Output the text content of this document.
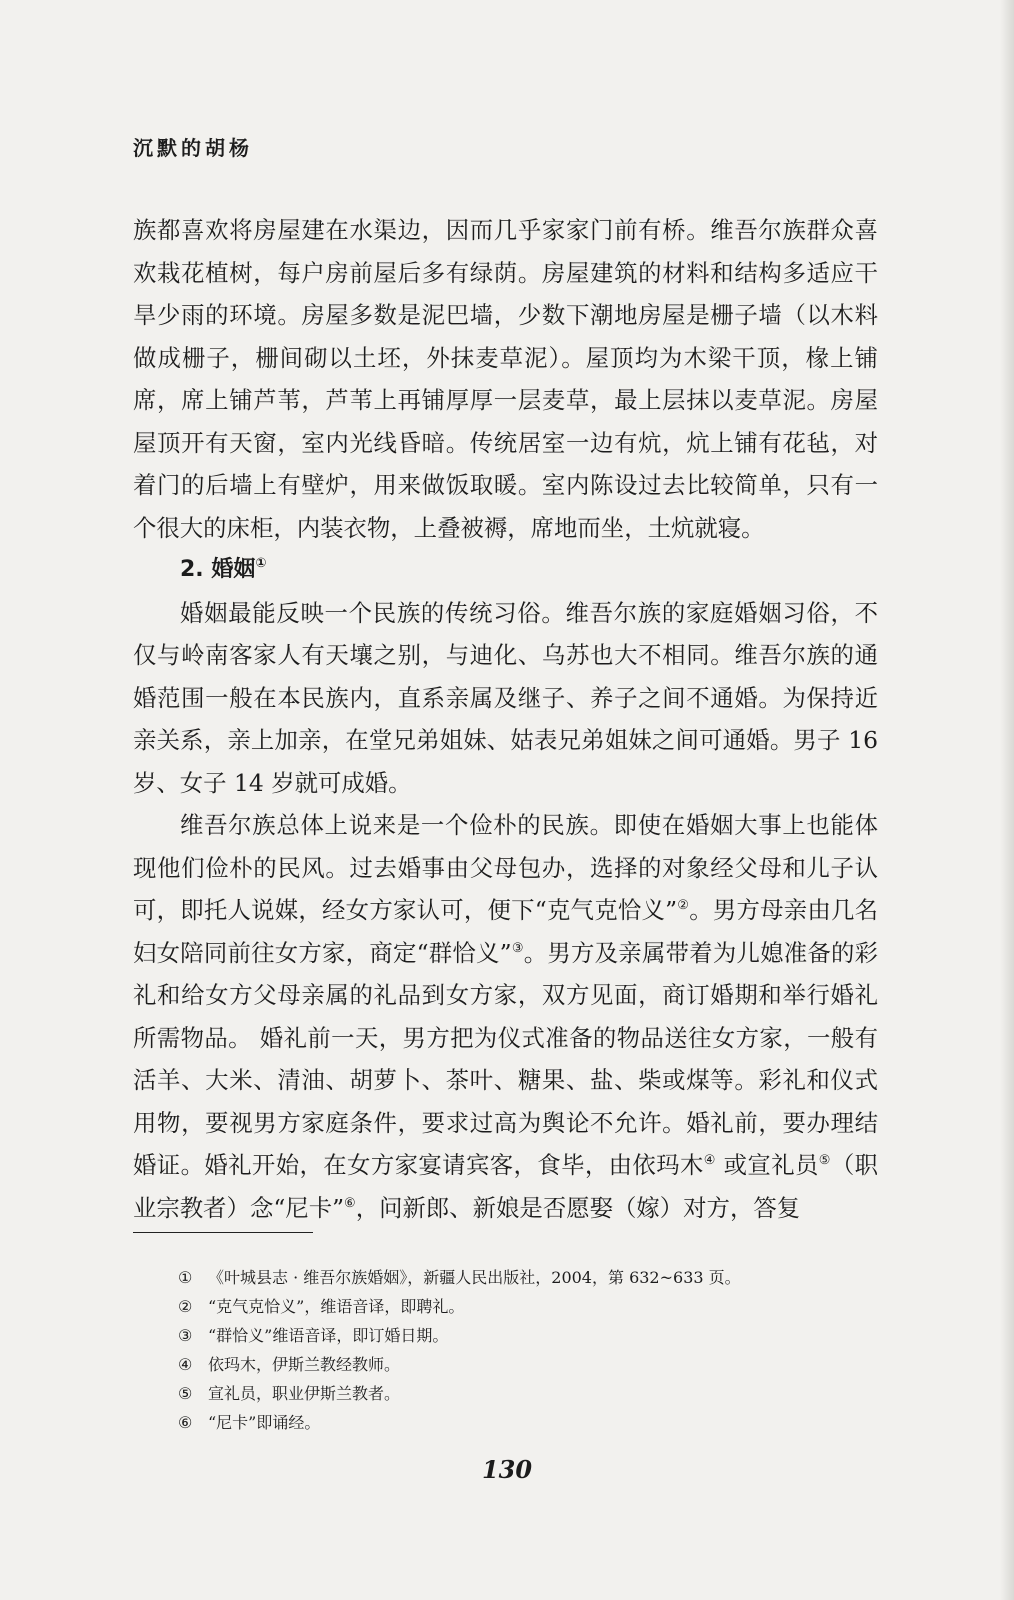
沉默的胡杨

族都喜欢将房屋建在水渠边，因而几乎家家门前有桥。维吾尔族群众喜欢栽花植树，每户房前屋后多有绿荫。房屋建筑的材料和结构多适应干旱少雨的环境。房屋多数是泥巴墙，少数下潮地房屋是栅子墙（以木料做成栅子，栅间砌以土坯，外抹麦草泥）。屋顶均为木梁干顶，椽上铺席，席上铺芦苇，芦苇上再铺厚厚一层麦草，最上层抹以麦草泥。房屋屋顶开有天窗，室内光线昏暗。传统居室一边有炕，炕上铺有花毡，对着门的后墙上有壁炉，用来做饭取暖。室内陈设过去比较简单，只有一个很大的床柜，内装衣物，上叠被褥，席地而坐，土炕就寝。

2. 婚姻①

婚姻最能反映一个民族的传统习俗。维吾尔族的家庭婚姻习俗，不仅与岭南客家人有天壤之别，与迪化、乌苏也大不相同。维吾尔族的通婚范围一般在本民族内，直系亲属及继子、养子之间不通婚。为保持近亲关系，亲上加亲，在堂兄弟姐妹、姑表兄弟姐妹之间可通婚。男子 16 岁、女子 14 岁就可成婚。

维吾尔族总体上说来是一个俭朴的民族。即使在婚姻大事上也能体现他们俭朴的民风。过去婚事由父母包办，选择的对象经父母和儿子认可，即托人说媒，经女方家认可，便下“克气克恰义”②。男方母亲由几名妇女陪同前往女方家，商定“群恰义”③。男方及亲属带着为儿媳准备的彩礼和给女方父母亲属的礼品到女方家，双方见面，商订婚期和举行婚礼所需物品。 婚礼前一天，男方把为仪式准备的物品送往女方家，一般有活羊、大米、清油、胡萝卜、茶叶、糖果、盐、柴或煤等。彩礼和仪式用物，要视男方家庭条件，要求过高为舆论不允许。婚礼前，要办理结婚证。婚礼开始，在女方家宴请宾客，食毕，由依玛木④ 或宣礼员⑤（职业宗教者）念“尼卡”⑥，问新郎、新娘是否愿娶（嫁）对方，答复

① 《叶城县志 · 维吾尔族婚姻》，新疆人民出版社，2004，第 632~633 页。
② “克气克恰义”，维语音译，即聘礼。
③ “群恰义”维语音译，即订婚日期。
④ 依玛木，伊斯兰教经教师。
⑤ 宣礼员，职业伊斯兰教者。
⑥ “尼卡”即诵经。
130
